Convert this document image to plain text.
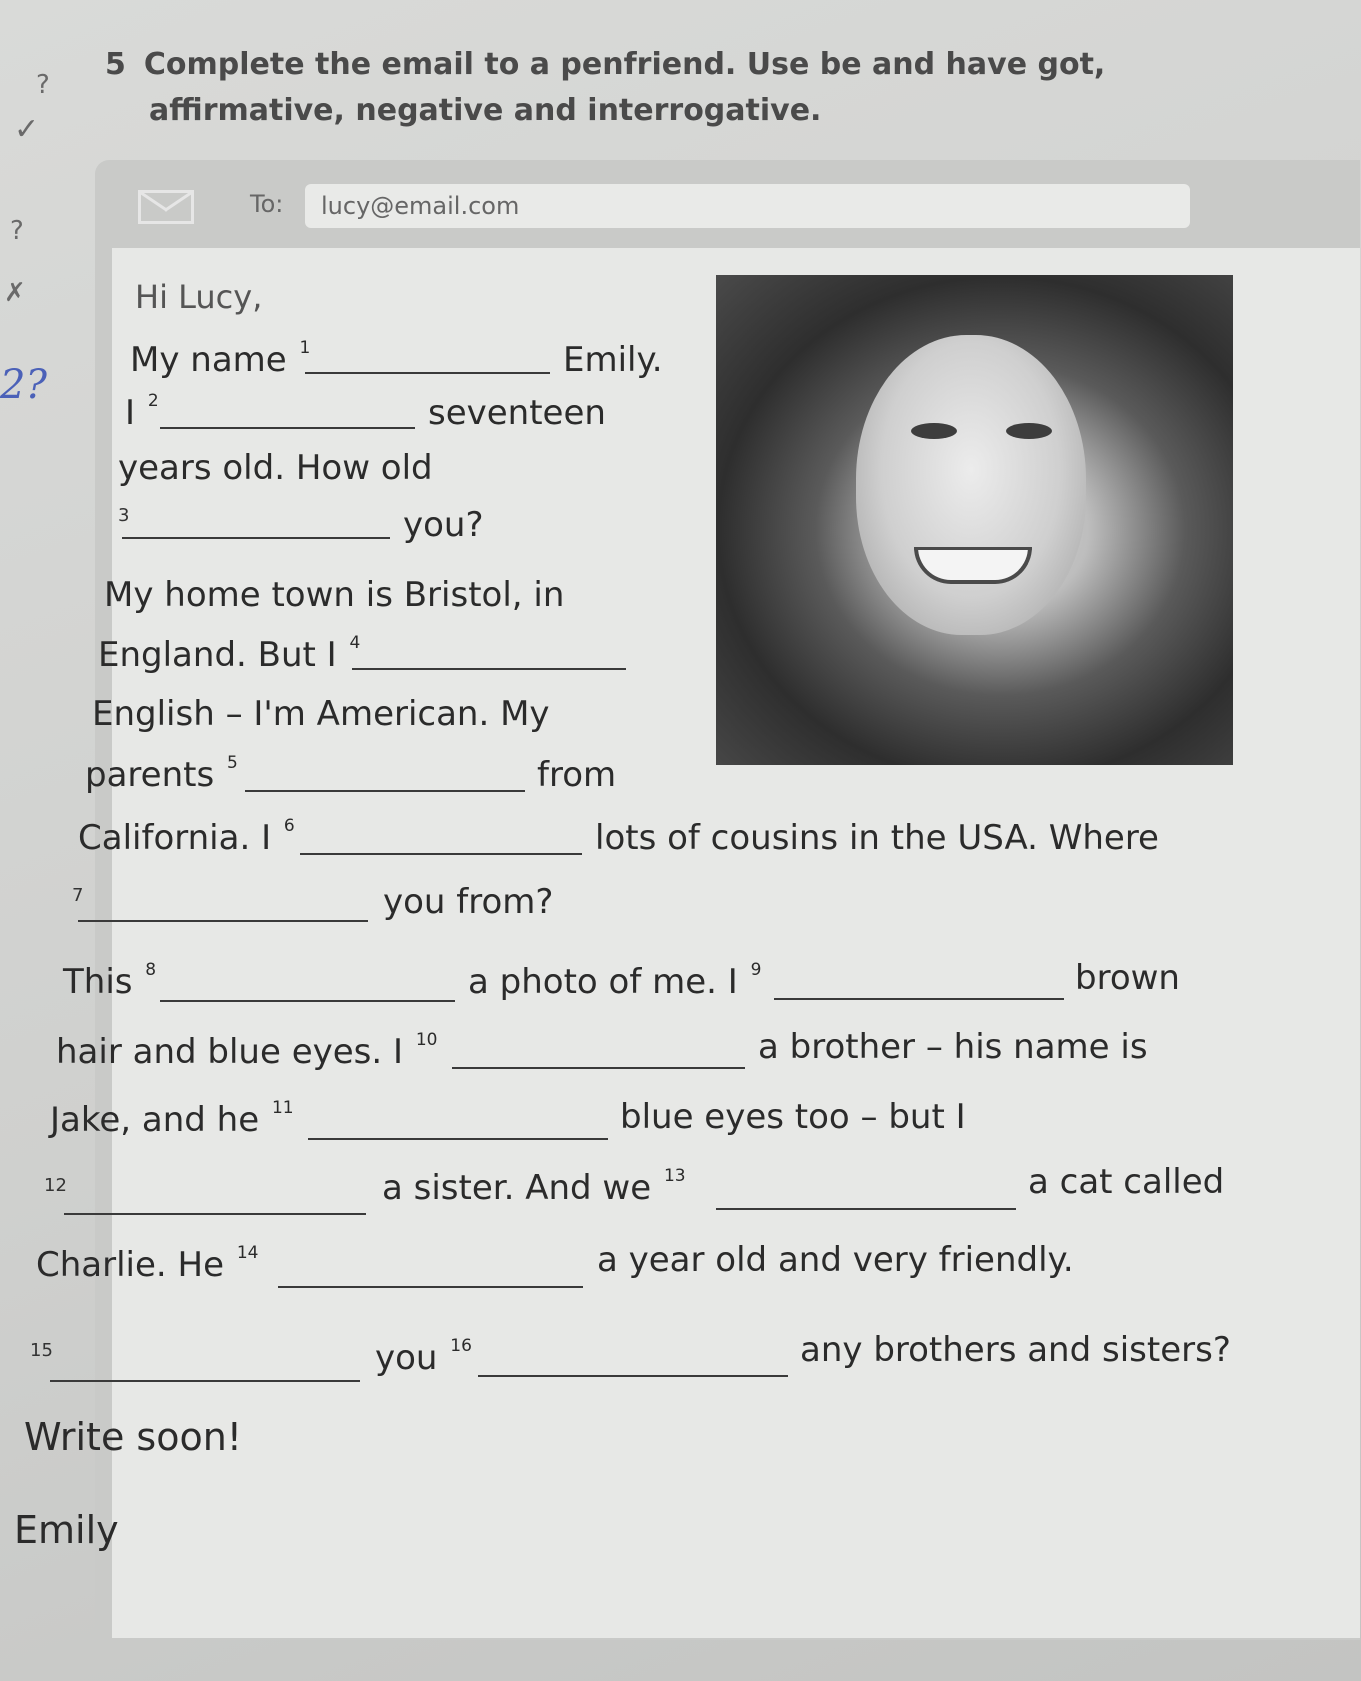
?
✓
?
✗
2?
5 Complete the email to a penfriend. Use be and have got,
affirmative, negative and interrogative.
To:	lucy@email.com
Hi Lucy,
My name $^1$	Emily.
I $^2$	seventeen
years old. How old
3	you?
My home town is Bristol, in
England. But I $^4$
English – I'm American. My
parents $^5$	from
California. I $^6$	lots of cousins in the USA. Where
7	you from?
This $^8$	a photo of me. I $^9$	brown
hair and blue eyes. I $^{10}$	a brother – his name is
Jake, and he $^{11}$	blue eyes too – but I
12	a sister. And we $^{13}$	a cat called
Charlie. He $^{14}$	a year old and very friendly.
15	you $^{16}$	any brothers and sisters?
Write soon!
Emily
